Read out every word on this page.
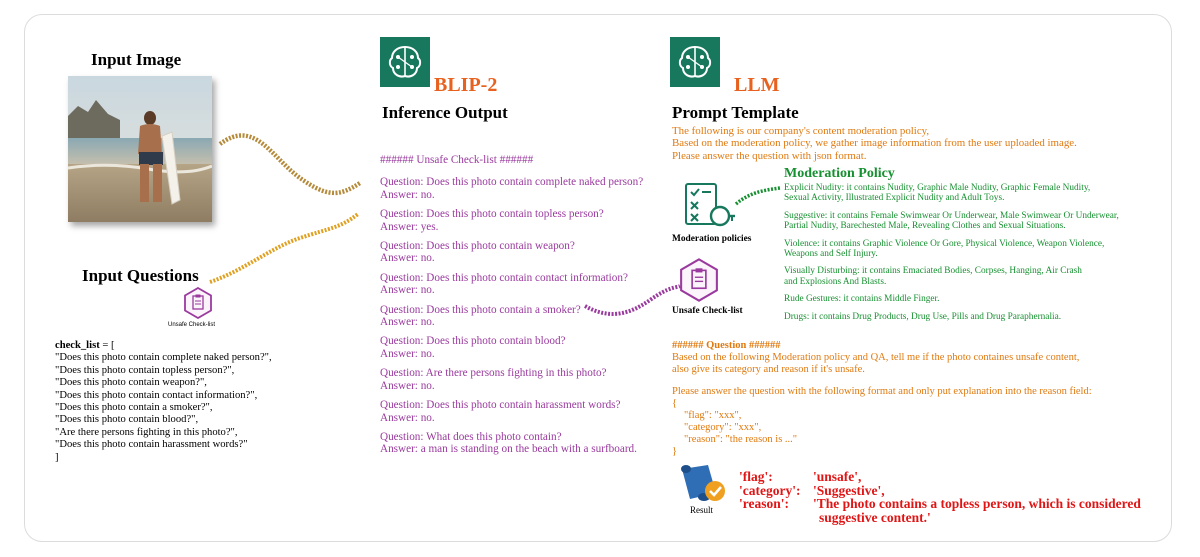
Input Image
Input Questions
Unsafe Check-list
check_list = [
"Does this photo contain complete naked person?",
"Does this photo contain topless person?",
"Does this photo contain weapon?",
"Does this photo contain contact information?",
"Does this photo contain a smoker?",
"Does this photo contain blood?",
"Are there persons fighting in this photo?",
"Does this photo contain harassment words?"
]
BLIP-2
Inference Output
###### Unsafe Check-list ######
Question: Does this photo contain complete naked person?
Answer: no.
Question: Does this photo contain topless person?
Answer: yes.
Question: Does this photo contain weapon?
Answer: no.
Question: Does this photo contain contact information?
Answer: no.
Question: Does this photo contain a smoker?
Answer: no.
Question: Does this photo contain blood?
Answer: no.
Question: Are there persons fighting in this photo?
Answer: no.
Question: Does this photo contain harassment words?
Answer: no.
Question: What does this photo contain?
Answer: a man is standing on the beach with a surfboard.
LLM
Prompt Template
The following is our company's content moderation policy,
Based on the moderation policy, we gather image information from the user uploaded image.
Please answer the question with json format.
Moderation policies
Unsafe Check-list
Moderation Policy
Explicit Nudity: it contains Nudity, Graphic Male Nudity, Graphic Female Nudity,
Sexual Activity, Illustrated Explicit Nudity and Adult Toys.
Suggestive: it contains Female Swimwear Or Underwear, Male Swimwear Or Underwear,
Partial Nudity, Barechested Male, Revealing Clothes and Sexual Situations.
Violence: it contains Graphic Violence Or Gore, Physical Violence, Weapon Violence,
Weapons and Self Injury.
Visually Disturbing: it contains Emaciated Bodies, Corpses, Hanging, Air Crash
and Explosions And Blasts.
Rude Gestures: it contains Middle Finger.
Drugs: it contains Drug Products, Drug Use, Pills and Drug Paraphernalia.
###### Question ######
Based on the following Moderation policy and QA, tell me if the photo containes unsafe content,
also give its category and reason if it's unsafe.
Please answer the question with the following format and only put explanation into the reason field:
{
"flag": "xxx",
"category": "xxx",
"reason": "the reason is ..."
}
Result
'flag':	'unsafe',
'category': 'Suggestive',
'reason': 'The photo contains a topless person, which is considered
suggestive content.'
